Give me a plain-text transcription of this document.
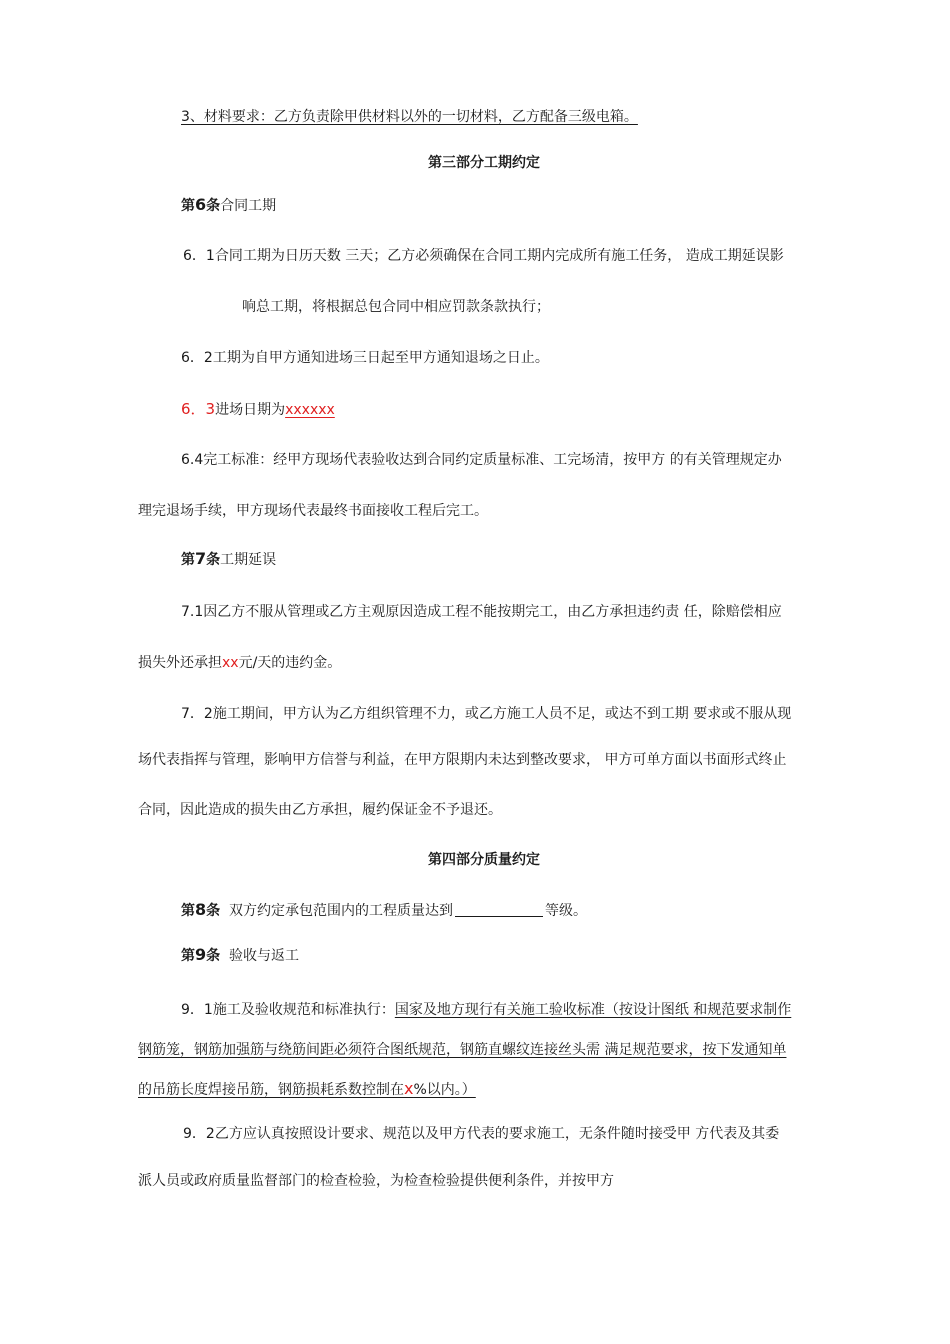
3、材料要求：乙方负责除甲供材料以外的一切材料，乙方配备三级电箱。
第三部分工期约定
第6条合同工期
6．1合同工期为日历天数 三天；乙方必须确保在合同工期内完成所有施工任务， 造成工期延误影
响总工期，将根据总包合同中相应罚款条款执行；
6．2工期为自甲方通知进场三日起至甲方通知退场之日止。
6．3进场日期为xxxxxx
6.4完工标准：经甲方现场代表验收达到合同约定质量标准、工完场清，按甲方 的有关管理规定办
理完退场手续，甲方现场代表最终书面接收工程后完工。
第7条工期延误
7.1因乙方不服从管理或乙方主观原因造成工程不能按期完工，由乙方承担违约责 任，除赔偿相应
损失外还承担xx元/天的违约金。
7．2施工期间，甲方认为乙方组织管理不力，或乙方施工人员不足，或达不到工期 要求或不服从现
场代表指挥与管理，影响甲方信誉与利益，在甲方限期内未达到整改要求， 甲方可单方面以书面形式终止
合同，因此造成的损失由乙方承担，履约保证金不予退还。
第四部分质量约定
第8条 双方约定承包范围内的工程质量达到	等级。
第9条 验收与返工
9．1施工及验收规范和标准执行：国家及地方现行有关施工验收标准（按设计图纸 和规范要求制作
钢筋笼，钢筋加强筋与绕筋间距必须符合图纸规范，钢筋直螺纹连接丝头需 满足规范要求，按下发通知单
的吊筋长度焊接吊筋，钢筋损耗系数控制在x%以内。）
9．2乙方应认真按照设计要求、规范以及甲方代表的要求施工，无条件随时接受甲 方代表及其委
派人员或政府质量监督部门的检查检验，为检查检验提供便利条件，并按甲方
